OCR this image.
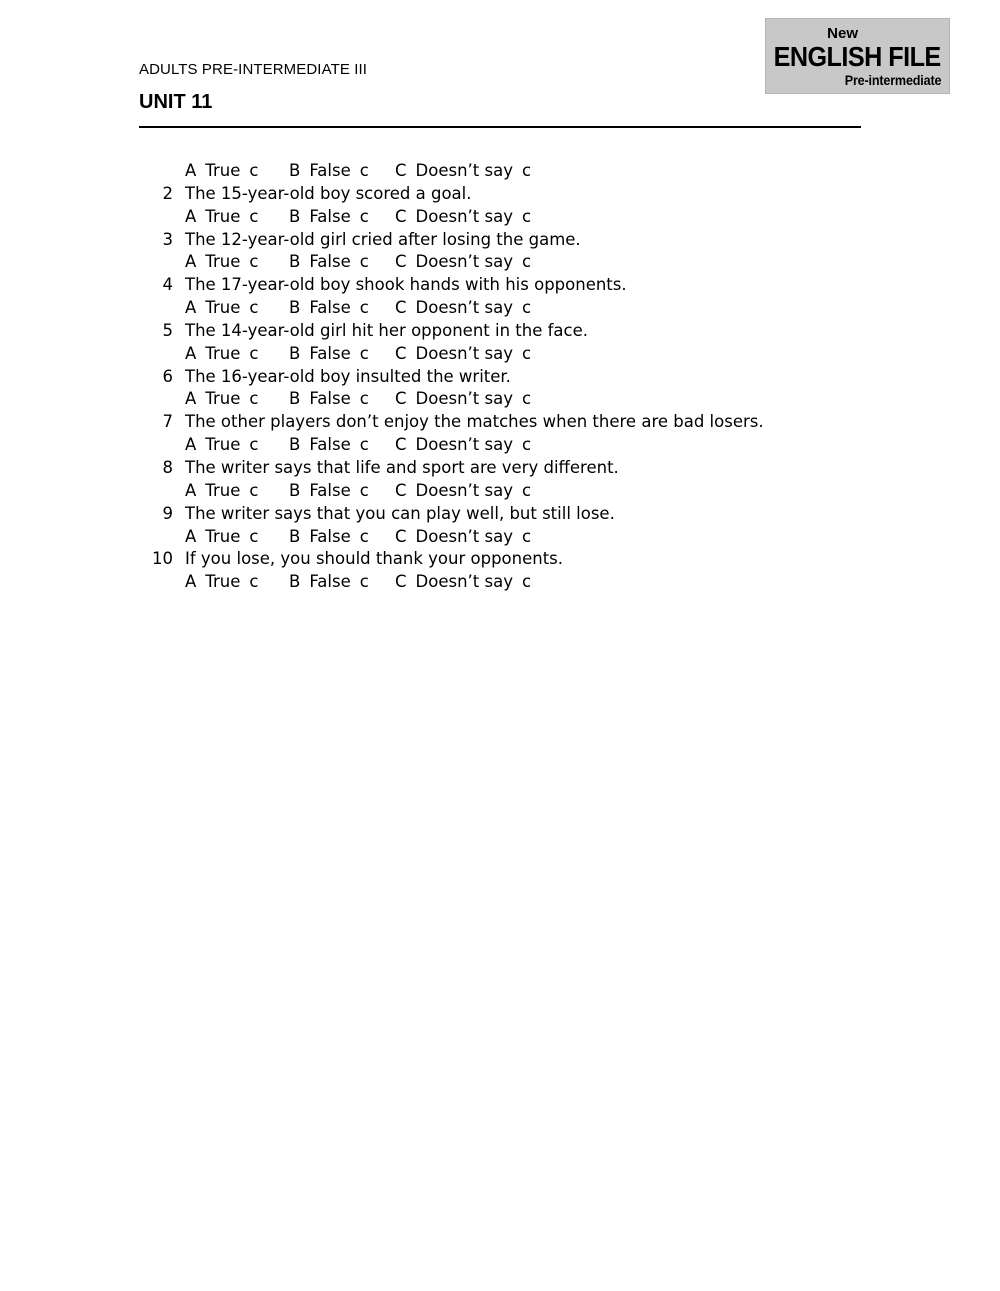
ADULTS PRE-INTERMEDIATE III
UNIT 11
New
ENGLISH FILE
Pre-intermediate
A True c B False c C Doesn’t say c
2 The 15-year-old boy scored a goal.
A True c B False c C Doesn’t say c
3 The 12-year-old girl cried after losing the game.
A True c B False c C Doesn’t say c
4 The 17-year-old boy shook hands with his opponents.
A True c B False c C Doesn’t say c
5 The 14-year-old girl hit her opponent in the face.
A True c B False c C Doesn’t say c
6 The 16-year-old boy insulted the writer.
A True c B False c C Doesn’t say c
7 The other players don’t enjoy the matches when there are bad losers.
A True c B False c C Doesn’t say c
8 The writer says that life and sport are very different.
A True c B False c C Doesn’t say c
9 The writer says that you can play well, but still lose.
A True c B False c C Doesn’t say c
10 If you lose, you should thank your opponents.
A True c B False c C Doesn’t say c
